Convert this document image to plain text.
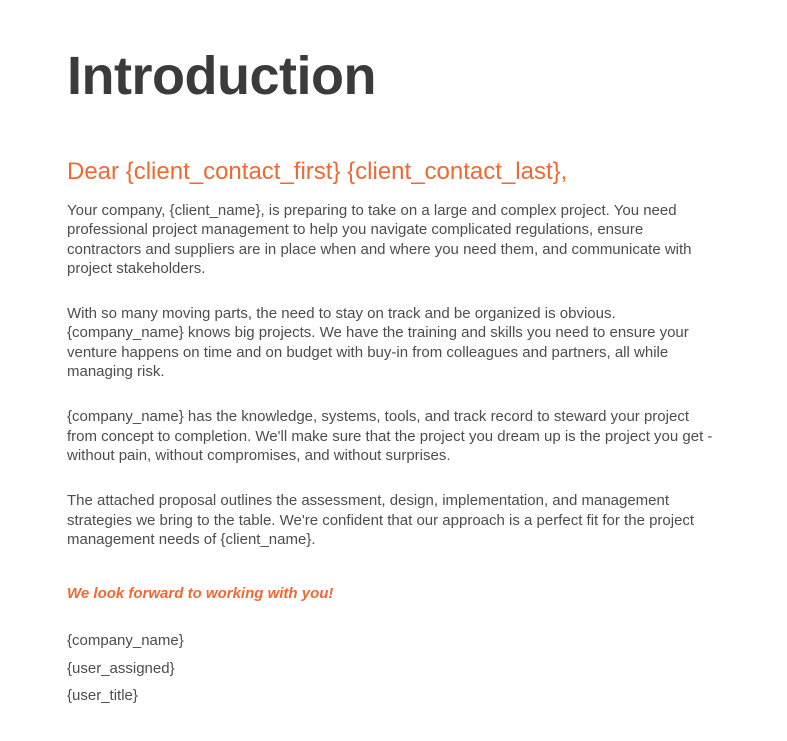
Introduction
Dear {client_contact_first} {client_contact_last},

Your company, {client_name}, is preparing to take on a large and complex project. You need professional project management to help you navigate complicated regulations, ensure contractors and suppliers are in place when and where you need them, and communicate with project stakeholders.

With so many moving parts, the need to stay on track and be organized is obvious. {company_name} knows big projects. We have the training and skills you need to ensure your venture happens on time and on budget with buy-in from colleagues and partners, all while managing risk.

{company_name} has the knowledge, systems, tools, and track record to steward your project from concept to completion. We'll make sure that the project you dream up is the project you get - without pain, without compromises, and without surprises.

The attached proposal outlines the assessment, design, implementation, and management strategies we bring to the table. We're confident that our approach is a perfect fit for the project management needs of {client_name}.

We look forward to working with you!

{company_name}

{user_assigned}

{user_title}
